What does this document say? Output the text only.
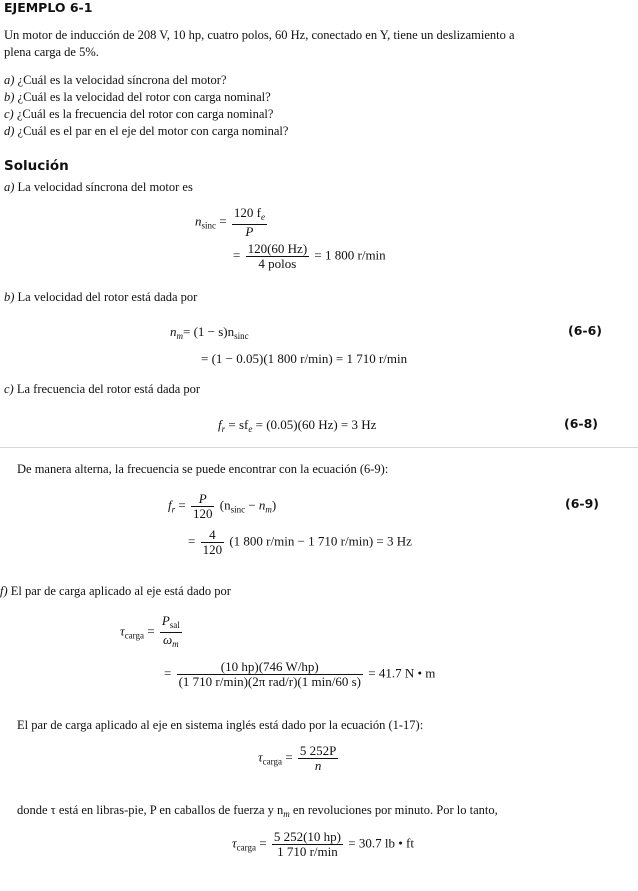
EJEMPLO 6-1
Un motor de inducción de 208 V, 10 hp, cuatro polos, 60 Hz, conectado en Y, tiene un deslizamiento a
plena carga de 5%.
a) ¿Cuál es la velocidad síncrona del motor?
b) ¿Cuál es la velocidad del rotor con carga nominal?
c) ¿Cuál es la frecuencia del rotor con carga nominal?
d) ¿Cuál es el par en el eje del motor con carga nominal?
Solución
a) La velocidad síncrona del motor es
$n_{sinc} = \frac{120 f_e}{P}$
= $\frac{120(60 Hz)}{\text{4 polos}} = 1$ 800 r/min
b) La velocidad del rotor está dada por
$n_m= (1 - s)n_{sinc}$	(6-6)
= (1 − 0.05)(1 800 r/min) = 1 710 r/min
c) La frecuencia del rotor está dada por
$f_r = sf_e = (0.05)(60$ Hz) = 3 Hz	(6-8)
De manera alterna, la frecuencia se puede encontrar con la ecuación (6-9):
$f_r = \frac{P}{120} (n_{sinc} - n_m)$	(6-9)
= $\frac{4}{120} (1$ 800 r/min − 1 710 r/min) = 3 Hz
f) El par de carga aplicado al eje está dado por
$\tau_{carga} = \frac{P_{sal}}{\omega_m}$
= $\frac{(10 hp)(746 W/hp)}{\text{(1 710 r/min)(2π rad/r)(1 min/60 s)}} = 41.7$ N • m
El par de carga aplicado al eje en sistema inglés está dado por la ecuación (1-17):
$\tau_{carga} = \frac{5 252P}{n}$
donde τ está en libras-pie, P en caballos de fuerza y $n_m$ en revoluciones por minuto. Por lo tanto,
$\tau_{carga} = \frac{5 252(10 hp)}{1 710 r/\min} = 30.7$ lb • ft
